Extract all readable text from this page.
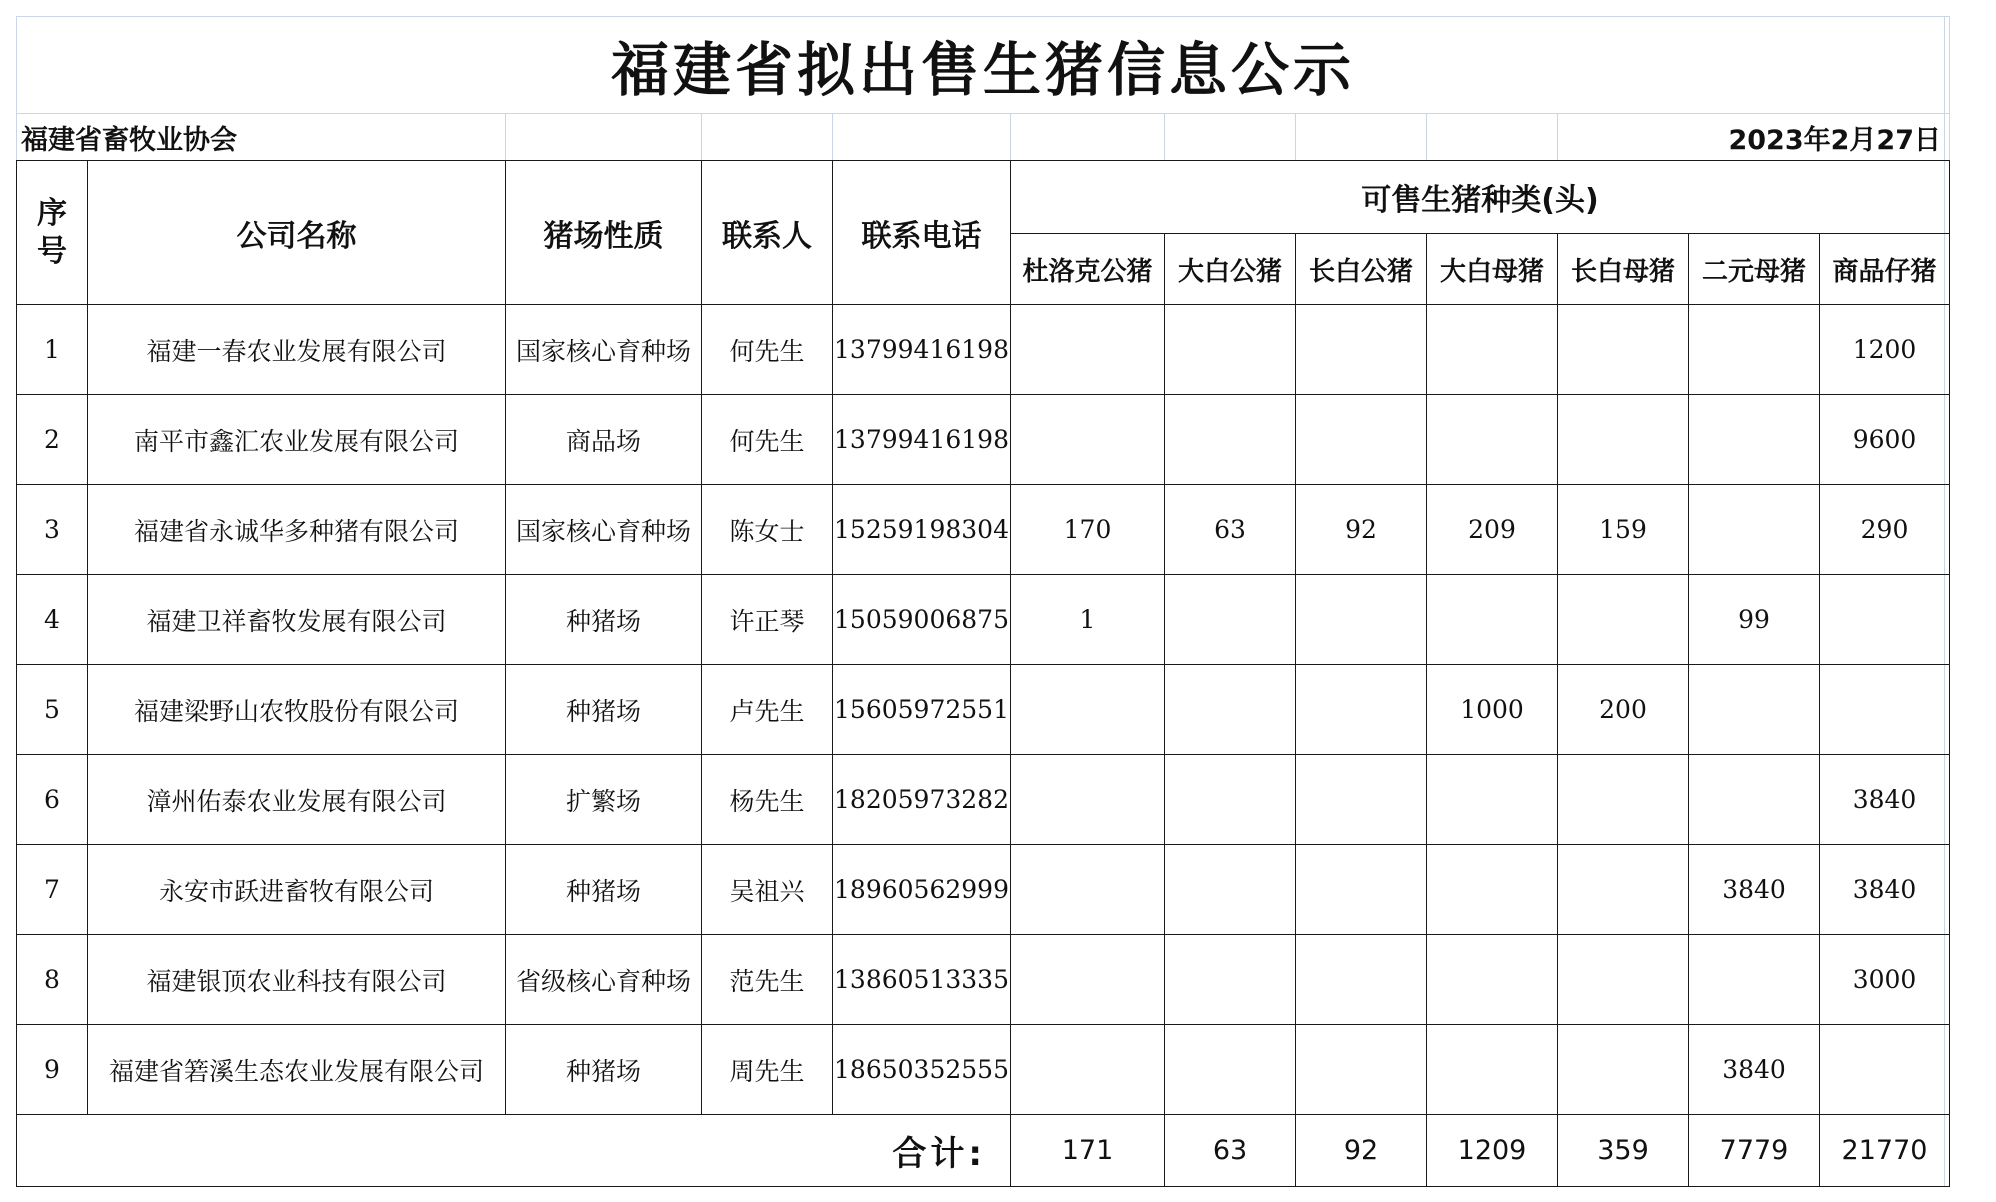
福建省拟出售生猪信息公示											
福建省畜牧业协会									2023年2月27日		
序号	公司名称	猪场性质	联系人	联系电话	可售生猪种类(头)						
					杜洛克公猪	大白公猪	长白公猪	大白母猪	长白母猪	二元母猪	商品仔猪
1	福建一春农业发展有限公司	国家核心育种场	何先生	13799416198							1200
2	南平市鑫汇农业发展有限公司	商品场	何先生	13799416198							9600
3	福建省永诚华多种猪有限公司	国家核心育种场	陈女士	15259198304	170	63	92	209	159		290
4	福建卫祥畜牧发展有限公司	种猪场	许正琴	15059006875	1					99	
5	福建梁野山农牧股份有限公司	种猪场	卢先生	15605972551				1000	200		
6	漳州佑泰农业发展有限公司	扩繁场	杨先生	18205973282							3840
7	永安市跃进畜牧有限公司	种猪场	吴祖兴	18960562999						3840	3840
8	福建银顶农业科技有限公司	省级核心育种场	范先生	13860513335							3000
9	福建省箬溪生态农业发展有限公司	种猪场	周先生	18650352555						3840	
合计:					171	63	92	1209	359	7779	21770
